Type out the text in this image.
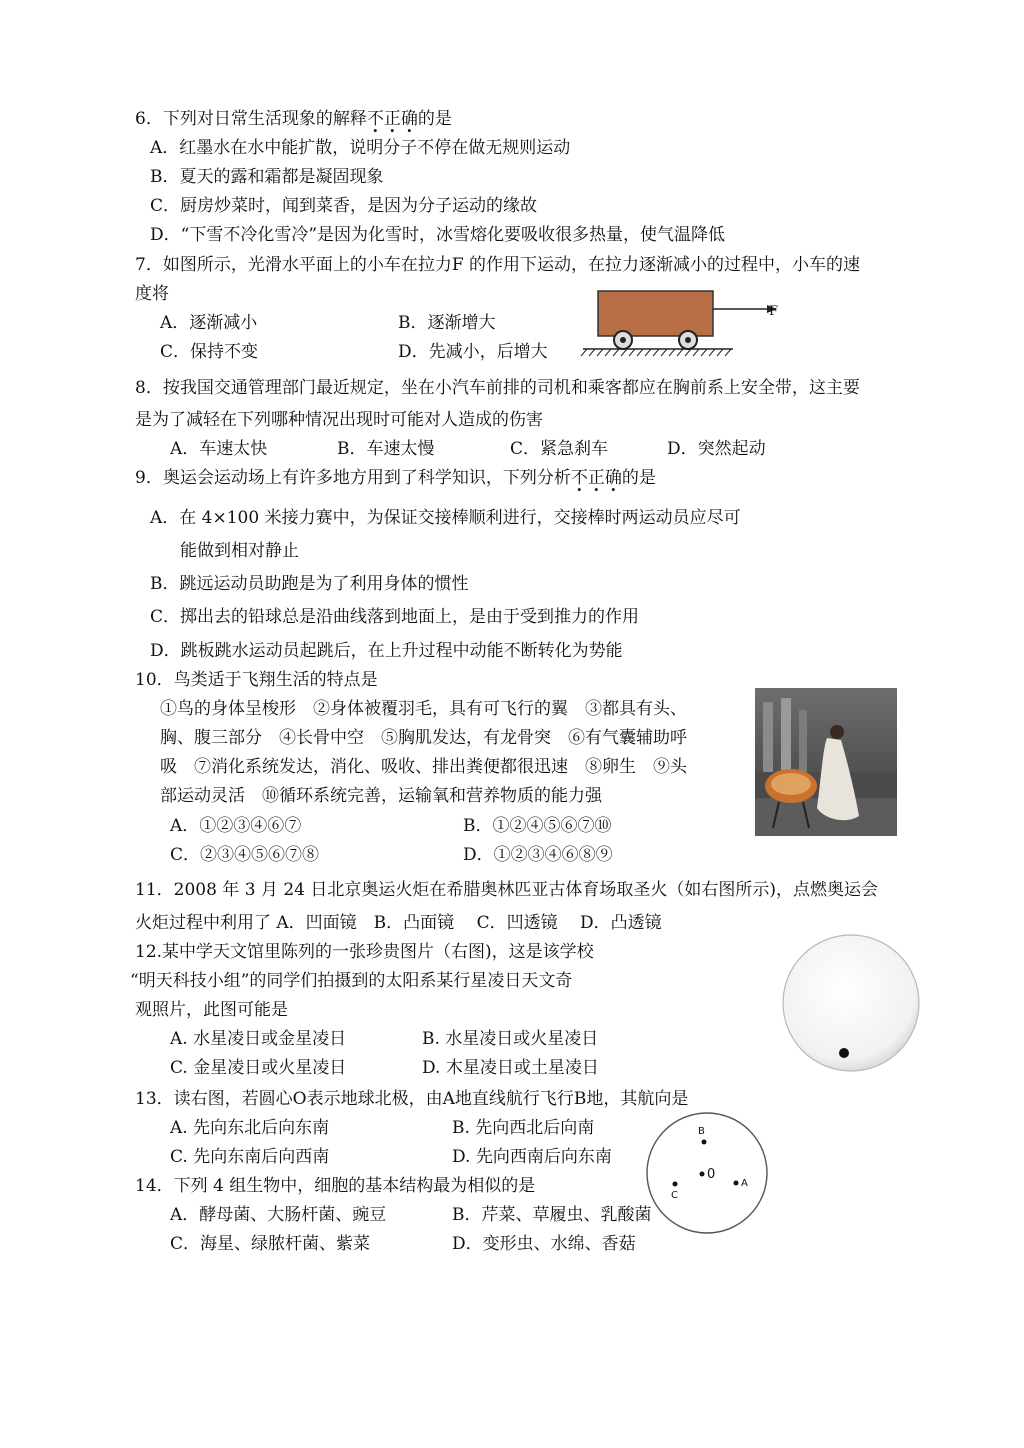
6．下列对日常生活现象的解释不正确的是
A．红墨水在水中能扩散，说明分子不停在做无规则运动
B．夏天的露和霜都是凝固现象
C．厨房炒菜时，闻到菜香，是因为分子运动的缘故
D．“下雪不冷化雪冷”是因为化雪时，冰雪熔化要吸收很多热量，使气温降低
7．如图所示，光滑水平面上的小车在拉力F 的作用下运动，在拉力逐渐减小的过程中，小车的速
度将
A．逐渐减小	B．逐渐增大
C．保持不变	D．先减小，后增大
F
8．按我国交通管理部门最近规定，坐在小汽车前排的司机和乘客都应在胸前系上安全带，这主要
是为了减轻在下列哪种情况出现时可能对人造成的伤害
A．车速太快	B．车速太慢	C．紧急刹车	D．突然起动
9．奥运会运动场上有许多地方用到了科学知识，下列分析不正确的是
A．在 4×100 米接力赛中，为保证交接棒顺利进行，交接棒时两运动员应尽可
能做到相对静止
B．跳远运动员助跑是为了利用身体的惯性
C．掷出去的铅球总是沿曲线落到地面上，是由于受到推力的作用
D．跳板跳水运动员起跳后，在上升过程中动能不断转化为势能
10．鸟类适于飞翔生活的特点是
①鸟的身体呈梭形　②身体被覆羽毛，具有可飞行的翼　③都具有头、
胸、腹三部分　④长骨中空　⑤胸肌发达，有龙骨突　⑥有气囊辅助呼
吸　⑦消化系统发达，消化、吸收、排出粪便都很迅速　⑧卵生　⑨头
部运动灵活　⑩循环系统完善，运输氧和营养物质的能力强
A．①②③④⑥⑦	B．①②④⑤⑥⑦⑩
C．②③④⑤⑥⑦⑧	D．①②③④⑥⑧⑨
11．2008 年 3 月 24 日北京奥运火炬在希腊奥林匹亚古体育场取圣火（如右图所示)，点燃奥运会
火炬过程中利用了 A．凹面镜　B．凸面镜　 C．凹透镜　 D．凸透镜
12.某中学天文馆里陈列的一张珍贵图片（右图)，这是该学校
“明天科技小组”的同学们拍摄到的太阳系某行星凌日天文奇
观照片，此图可能是
A. 水星凌日或金星凌日	B. 水星凌日或火星凌日
C. 金星凌日或火星凌日	D. 木星凌日或土星凌日
13．读右图，若圆心O表示地球北极，由A地直线航行飞行B地，其航向是
A. 先向东北后向东南	B. 先向西北后向南
C. 先向东南后向西南	D. 先向西南后向东南
B
0
A
C
14．下列 4 组生物中，细胞的基本结构最为相似的是
A．酵母菌、大肠杆菌、豌豆	B．芹菜、草履虫、乳酸菌
C．海星、绿脓杆菌、紫菜	D．变形虫、水绵、香菇
